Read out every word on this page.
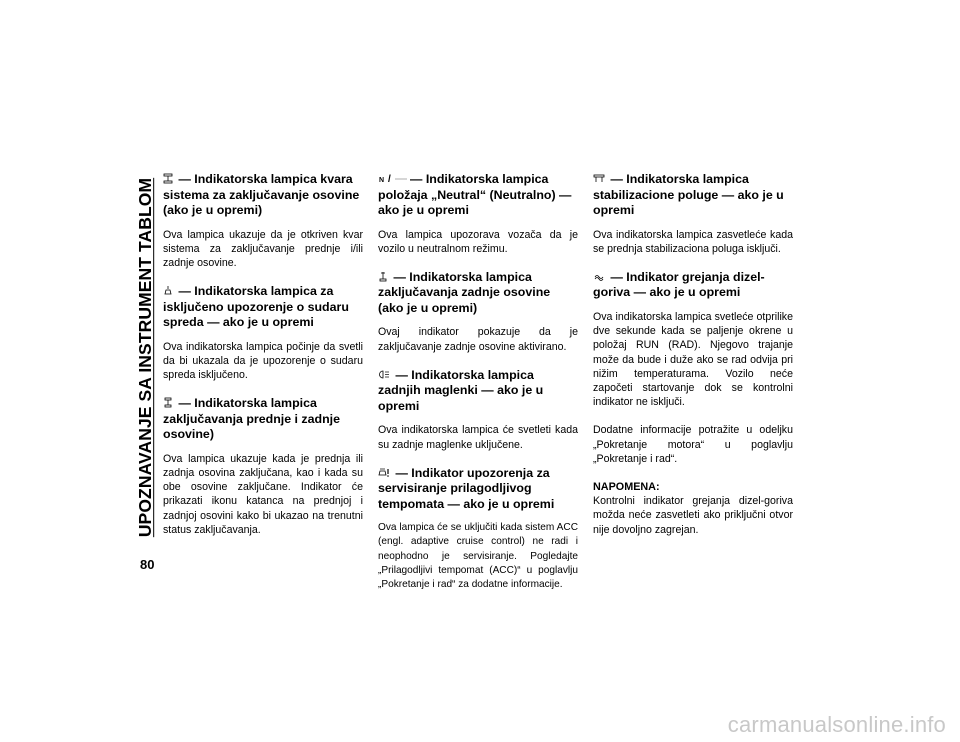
UPOZNAVANJE SA INSTRUMENT TABLOM
80
— Indikatorska lampica kvara sistema za zaključavanje osovine (ako je u opremi)

Ova lampica ukazuje da je otkriven kvar sistema za zaključavanje prednje i/ili zadnje osovine.

— Indikatorska lampica za isključeno upozorenje o sudaru spreda — ako je u opremi

Ova indikatorska lampica počinje da svetli da bi ukazala da je upozorenje o sudaru spreda isključeno.

— Indikatorska lampica zaključavanja prednje i zadnje osovine)

Ova lampica ukazuje kada je prednja ili zadnja osovina zaključana, kao i kada su obe osovine zaključane. Indikator će prikazati ikonu katanca na prednjoj i zadnjoj osovini kako bi ukazao na trenutni status zaključavanja.

N / — Indikatorska lampica položaja „Neutral“ (Neutralno) — ako je u opremi

Ova lampica upozorava vozača da je vozilo u neutralnom režimu.

— Indikatorska lampica zaključavanja zadnje osovine (ako je u opremi)

Ovaj indikator pokazuje da je zaključavanje zadnje osovine aktivirano.

— Indikatorska lampica zadnjih maglenki — ako je u opremi

Ova indikatorska lampica će svetleti kada su zadnje maglenke uključene.

— Indikator upozorenja za servisiranje prilagodljivog tempomata — ako je u opremi

Ova lampica će se uključiti kada sistem ACC (engl. adaptive cruise control) ne radi i neophodno je servisiranje. Pogledajte „Prilagodljivi tempomat (ACC)“ u poglavlju „Pokretanje i rad“ za dodatne informacije.

— Indikatorska lampica stabilizacione poluge — ako je u opremi

Ova indikatorska lampica zasvetleće kada se prednja stabilizaciona poluga isključi.

— Indikator grejanja dizel-goriva — ako je u opremi

Ova indikatorska lampica svetleće otprilike dve sekunde kada se paljenje okrene u položaj RUN (RAD). Njegovo trajanje može da bude i duže ako se rad odvija pri nižim temperaturama. Vozilo neće započeti startovanje dok se kontrolni indikator ne isključi.

Dodatne informacije potražite u odeljku „Pokretanje motora“ u poglavlju „Pokretanje i rad“.

NAPOMENA:

Kontrolni indikator grejanja dizel-goriva možda neće zasvetleti ako priključni otvor nije dovoljno zagrejan.

carmanualsonline.info
